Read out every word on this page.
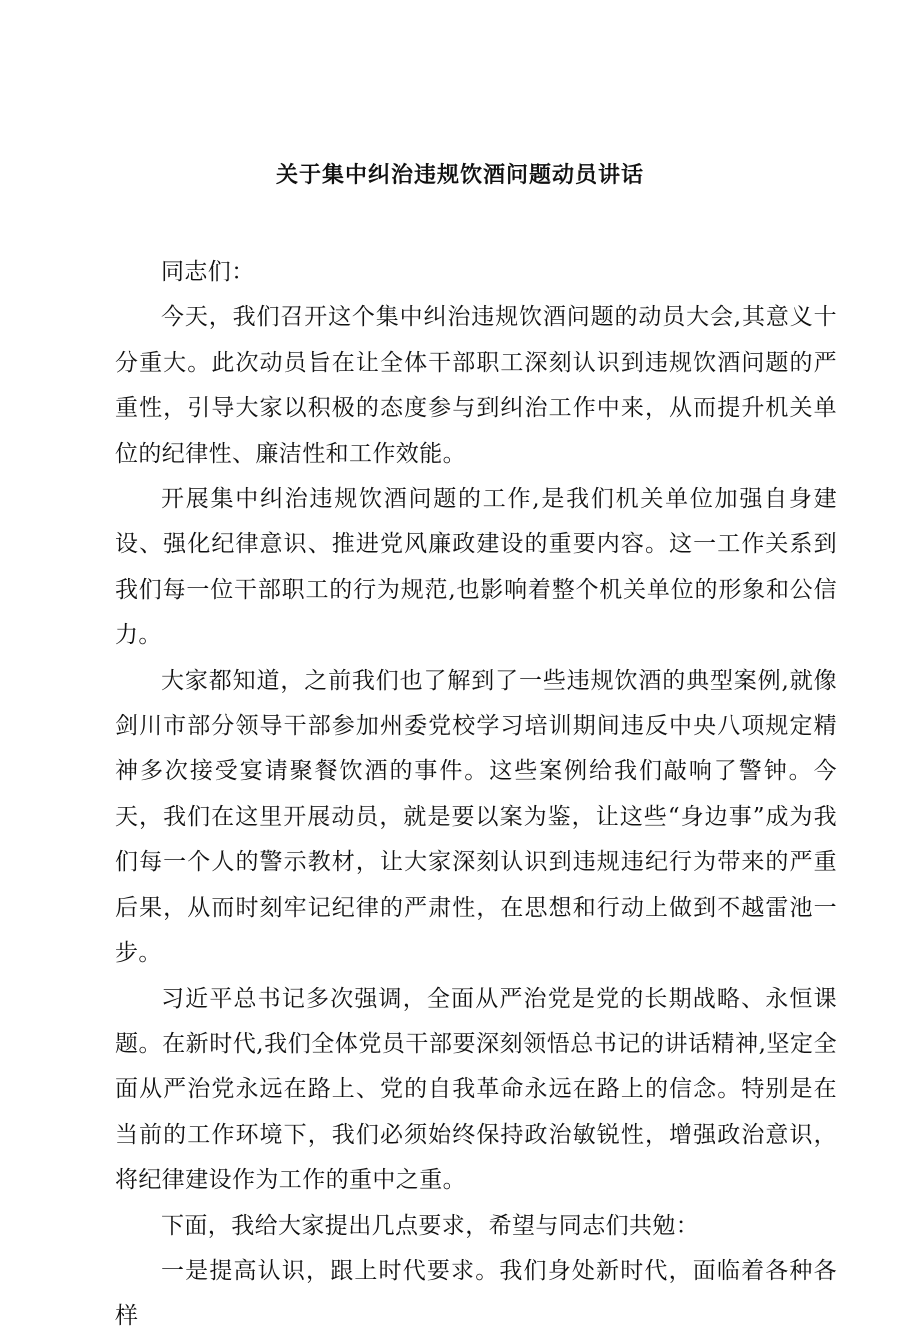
关于集中纠治违规饮酒问题动员讲话

同志们：

今天，我们召开这个集中纠治违规饮酒问题的动员大会,其意义十分重大。此次动员旨在让全体干部职工深刻认识到违规饮酒问题的严重性，引导大家以积极的态度参与到纠治工作中来，从而提升机关单位的纪律性、廉洁性和工作效能。

开展集中纠治违规饮酒问题的工作,是我们机关单位加强自身建设、强化纪律意识、推进党风廉政建设的重要内容。这一工作关系到我们每一位干部职工的行为规范,也影响着整个机关单位的形象和公信力。

大家都知道，之前我们也了解到了一些违规饮酒的典型案例,就像剑川市部分领导干部参加州委党校学习培训期间违反中央八项规定精神多次接受宴请聚餐饮酒的事件。这些案例给我们敲响了警钟。今天，我们在这里开展动员，就是要以案为鉴，让这些“身边事”成为我们每一个人的警示教材，让大家深刻认识到违规违纪行为带来的严重后果，从而时刻牢记纪律的严肃性，在思想和行动上做到不越雷池一步。

习近平总书记多次强调，全面从严治党是党的长期战略、永恒课题。在新时代,我们全体党员干部要深刻领悟总书记的讲话精神,坚定全面从严治党永远在路上、党的自我革命永远在路上的信念。特别是在当前的工作环境下，我们必须始终保持政治敏锐性，增强政治意识，将纪律建设作为工作的重中之重。

下面，我给大家提出几点要求，希望与同志们共勉：

一是提高认识，跟上时代要求。我们身处新时代，面临着各种各样
